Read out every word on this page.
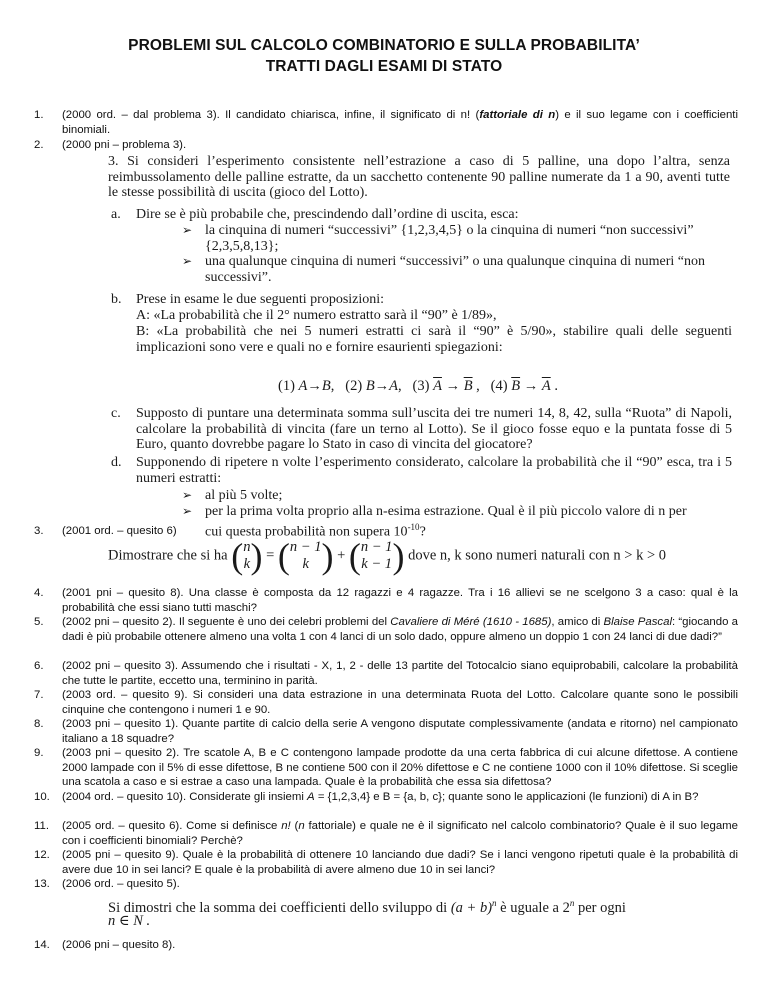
PROBLEMI SUL CALCOLO COMBINATORIO E SULLA PROBABILITA’
TRATTI DAGLI ESAMI DI STATO
1. (2000 ord. – dal problema 3). Il candidato chiarisca, infine, il significato di n! (fattoriale di n) e il suo legame con i coefficienti binomiali.
2. (2000 pni – problema 3).
3. Si consideri l’esperimento consistente nell’estrazione a caso di 5 palline, una dopo l’altra, senza reimbussolamento delle palline estratte, da un sacchetto contenente 90 palline numerate da 1 a 90, aventi tutte le stesse possibilità di uscita (gioco del Lotto).
a. Dire se è più probabile che, prescindendo dall’ordine di uscita, esca:
➢ la cinquina di numeri “successivi” {1,2,3,4,5} o la cinquina di numeri “non successivi” {2,3,5,8,13};
➢ una qualunque cinquina di numeri “successivi” o una qualunque cinquina di numeri “non successivi”.
b. Prese in esame le due seguenti proposizioni:
A: «La probabilità che il 2° numero estratto sarà il “90” è 1/89»,
B: «La probabilità che nei 5 numeri estratti ci sarà il “90” è 5/90», stabilire quali delle seguenti implicazioni sono vere e quali no e fornire esaurienti spiegazioni:
(1) A→B,   (2) B→A,   (3) $\overline{A} \to \overline{B}$ ,   (4) $\overline{B} \to \overline{A}$ .
c. Supposto di puntare una determinata somma sull’uscita dei tre numeri 14, 8, 42, sulla “Ruota” di Napoli, calcolare la probabilità di vincita (fare un terno al Lotto). Se il gioco fosse equo e la puntata fosse di 5 Euro, quanto dovrebbe pagare lo Stato in caso di vincita del giocatore?
d. Supponendo di ripetere n volte l’esperimento considerato, calcolare la probabilità che il “90” esca, tra i 5 numeri estratti:
➢ al più 5 volte;
➢ per la prima volta proprio alla n-esima estrazione. Qual è il più piccolo valore di n per cui questa probabilità non supera $10^{-10}$?
3. (2001 ord. – quesito 6)
Dimostrare che si ha (n
k) = (n − 1
k ) + (n − 1
k − 1) dove n, k sono numeri naturali con n > k > 0
4. (2001 pni – quesito 8). Una classe è composta da 12 ragazzi e 4 ragazze. Tra i 16 allievi se ne scelgono 3 a caso: qual è la probabilità che essi siano tutti maschi?
5. (2002 pni – quesito 2). Il seguente è uno dei celebri problemi del Cavaliere di Méré (1610 - 1685), amico di Blaise Pascal: “giocando a dadi è più probabile ottenere almeno una volta 1 con 4 lanci di un solo dado, oppure almeno un doppio 1 con 24 lanci di due dadi?”
6. (2002 pni – quesito 3). Assumendo che i risultati - X, 1, 2 - delle 13 partite del Totocalcio siano equiprobabili, calcolare la probabilità che tutte le partite, eccetto una, terminino in parità.
7. (2003 ord. – quesito 9). Si consideri una data estrazione in una determinata Ruota del Lotto. Calcolare quante sono le possibili cinquine che contengono i numeri 1 e 90.
8. (2003 pni – quesito 1). Quante partite di calcio della serie A vengono disputate complessivamente (andata e ritorno) nel campionato italiano a 18 squadre?
9. (2003 pni – quesito 2). Tre scatole A, B e C contengono lampade prodotte da una certa fabbrica di cui alcune difettose. A contiene 2000 lampade con il 5% di esse difettose, B ne contiene 500 con il 20% difettose e C ne contiene 1000 con il 10% difettose. Si sceglie una scatola a caso e si estrae a caso una lampada. Quale è la probabilità che essa sia difettosa?
10. (2004 ord. – quesito 10). Considerate gli insiemi A = {1,2,3,4} e B = {a, b, c}; quante sono le applicazioni (le funzioni) di A in B?
11. (2005 ord. – quesito 6). Come si definisce n! (n fattoriale) e quale ne è il significato nel calcolo combinatorio? Quale è il suo legame con i coefficienti binomiali? Perchè?
12. (2005 pni – quesito 9). Quale è la probabilità di ottenere 10 lanciando due dadi? Se i lanci vengono ripetuti quale è la probabilità di avere due 10 in sei lanci? E quale è la probabilità di avere almeno due 10 in sei lanci?
13. (2006 ord. – quesito 5).
Si dimostri che la somma dei coefficienti dello sviluppo di $(a + b)^n$ è uguale a 2$^n$ per ogni
n ∈ N .
14. (2006 pni – quesito 8).
